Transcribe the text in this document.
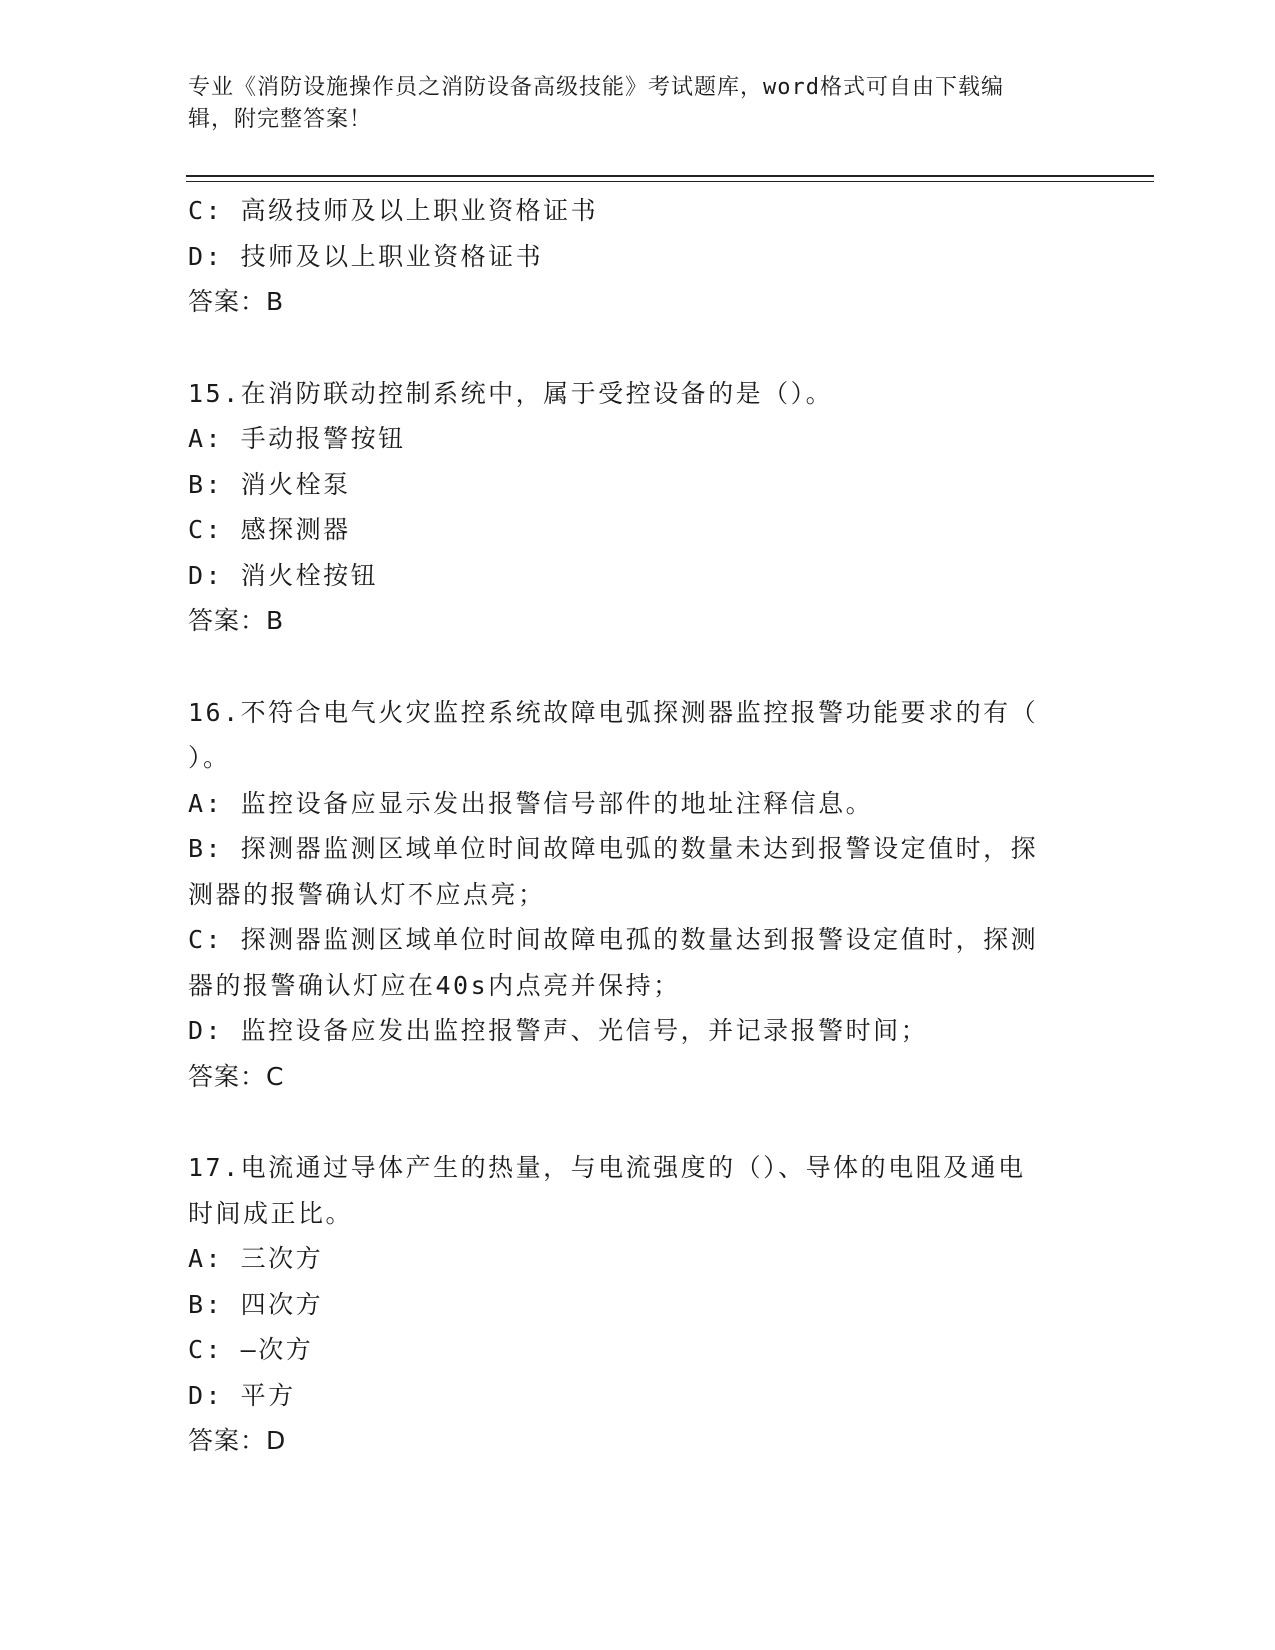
专业《消防设施操作员之消防设备高级技能》考试题库，word格式可自由下载编
辑，附完整答案！
C: 高级技师及以上职业资格证书
D: 技师及以上职业资格证书
答案：B
15.在消防联动控制系统中，属于受控设备的是（）。
A: 手动报警按钮
B: 消火栓泵
C: 感探测器
D: 消火栓按钮
答案：B
16.不符合电气火灾监控系统故障电弧探测器监控报警功能要求的有（
）。
A: 监控设备应显示发出报警信号部件的地址注释信息。
B: 探测器监测区域单位时间故障电弧的数量未达到报警设定值时，探
测器的报警确认灯不应点亮；
C: 探测器监测区域单位时间故障电孤的数量达到报警设定值时，探测
器的报警确认灯应在40s内点亮并保持；
D: 监控设备应发出监控报警声、光信号，并记录报警时间；
答案：C
17.电流通过导体产生的热量，与电流强度的（）、导体的电阻及通电
时间成正比。
A: 三次方
B: 四次方
C: —次方
D: 平方
答案：D
